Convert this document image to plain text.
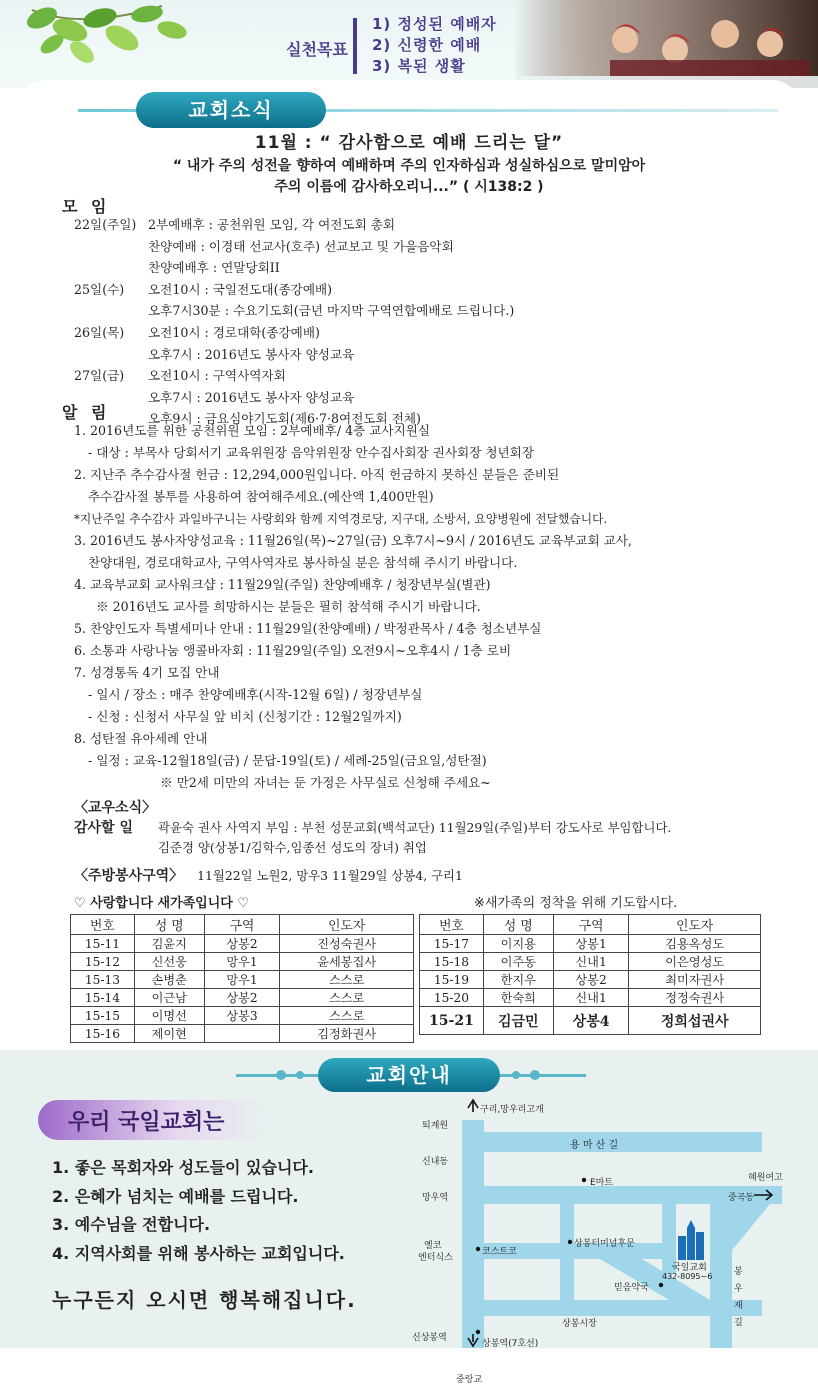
실천목표
1) 정성된 예배자
2) 신령한 예배
3) 복된 생활
교회소식
11월 : “ 감사함으로 예배 드리는 달”
“ 내가 주의 성전을 향하여 예배하며 주의 인자하심과 성실하심으로 말미암아
주의 이름에 감사하오리니...” ( 시138:2 )
모 임
22일(주일) 2부예배후 : 공천위원 모임, 각 여전도회 총회
찬양예배 : 이경태 선교사(호주) 선교보고 및 가을음악회
찬양예배후 : 연말당회II
25일(수)	오전10시 : 국일전도대(종강예배)
오후7시30분 : 수요기도회(금년 마지막 구역연합예배로 드립니다.)
26일(목)	오전10시 : 경로대학(종강예배)
오후7시 : 2016년도 봉사자 양성교육
27일(금)	오전10시 : 구역사역자회
오후7시 : 2016년도 봉사자 양성교육
오후9시 : 금요심야기도회(제6·7·8여전도회 전체)
알 림
1. 2016년도를 위한 공천위원 모임 : 2부예배후/ 4층 교사지원실
- 대상 : 부목사 당회서기 교육위원장 음악위원장 안수집사회장 권사회장 청년회장
2. 지난주 추수감사절 헌금 : 12,294,000원입니다. 아직 헌금하지 못하신 분들은 준비된
추수감사절 봉투를 사용하여 참여해주세요.(예산액 1,400만원)
*지난주일 추수감사 과일바구니는 사랑회와 함께 지역경로당, 지구대, 소방서, 요양병원에 전달했습니다.
3. 2016년도 봉사자양성교육 : 11월26일(목)~27일(금) 오후7시~9시 / 2016년도 교육부교회 교사,
찬양대원, 경로대학교사, 구역사역자로 봉사하실 분은 참석해 주시기 바랍니다.
4. 교육부교회 교사워크샵 : 11월29일(주일) 찬양예배후 / 청장년부실(별관)
※ 2016년도 교사를 희망하시는 분들은 필히 참석해 주시기 바랍니다.
5. 찬양인도자 특별세미나 안내 : 11월29일(찬양예배) / 박정관목사 / 4층 청소년부실
6. 소통과 사랑나눔 앵콜바자회 : 11월29일(주일) 오전9시~오후4시 / 1층 로비
7. 성경통독 4기 모집 안내
- 일시 / 장소 : 매주 찬양예배후(시작-12월 6일) / 청장년부실
- 신청 : 신청서 사무실 앞 비치 (신청기간 : 12월2일까지)
8. 성탄절 유아세례 안내
- 일정 : 교육-12월18일(금) / 문답-19일(토) / 세례-25일(금요일,성탄절)
※ 만2세 미만의 자녀는 둔 가정은 사무실로 신청해 주세요~
〈교우소식〉
감사할 일	곽윤숙 권사 사역지 부임 : 부천 성문교회(백석교단) 11월29일(주일)부터 강도사로 부임합니다.
김준경 양(상봉1/김학수,임종선 성도의 장녀) 취업
〈주방봉사구역〉 11월22일 노원2, 망우3 11월29일 상봉4, 구리1
♡ 사랑합니다 새가족입니다 ♡	※새가족의 정착을 위해 기도합시다.
번호	성 명	구역	인도자
15-11	김윤지	상봉2	진성숙권사
15-12	신선웅	망우1	윤세봉집사
15-13	손병춘	망우1	스스로
15-14	이근남	상봉2	스스로
15-15	이명선	상봉3	스스로
15-16	제이현		김정화권사
번호	성 명	구역	인도자
15-17	이지용	상봉1	김용옥성도
15-18	이주동	신내1	이은영성도
15-19	한지우	상봉2	최미자권사
15-20	한숙희	신내1	정정숙권사
15-21	김금민	상봉4	정희섭권사
교회안내
우리 국일교회는
1. 좋은 목회자와 성도들이 있습니다.
2. 은혜가 넘치는 예배를 드립니다.
3. 예수님을 전합니다.
4. 지역사회를 위해 봉사하는 교회입니다.
누구든지 오시면 행복해집니다.
구리,망우리고개
퇴계원
용 마 산 길
신내동
E마트	혜원여고
망우역	중곡동
옐코
엔터식스
코스트코
상봉터미널후문
국일교회
432-8095~6
믿음약국
봉우재길
상봉시장
신상봉역
상봉역(7호선)
중랑교
